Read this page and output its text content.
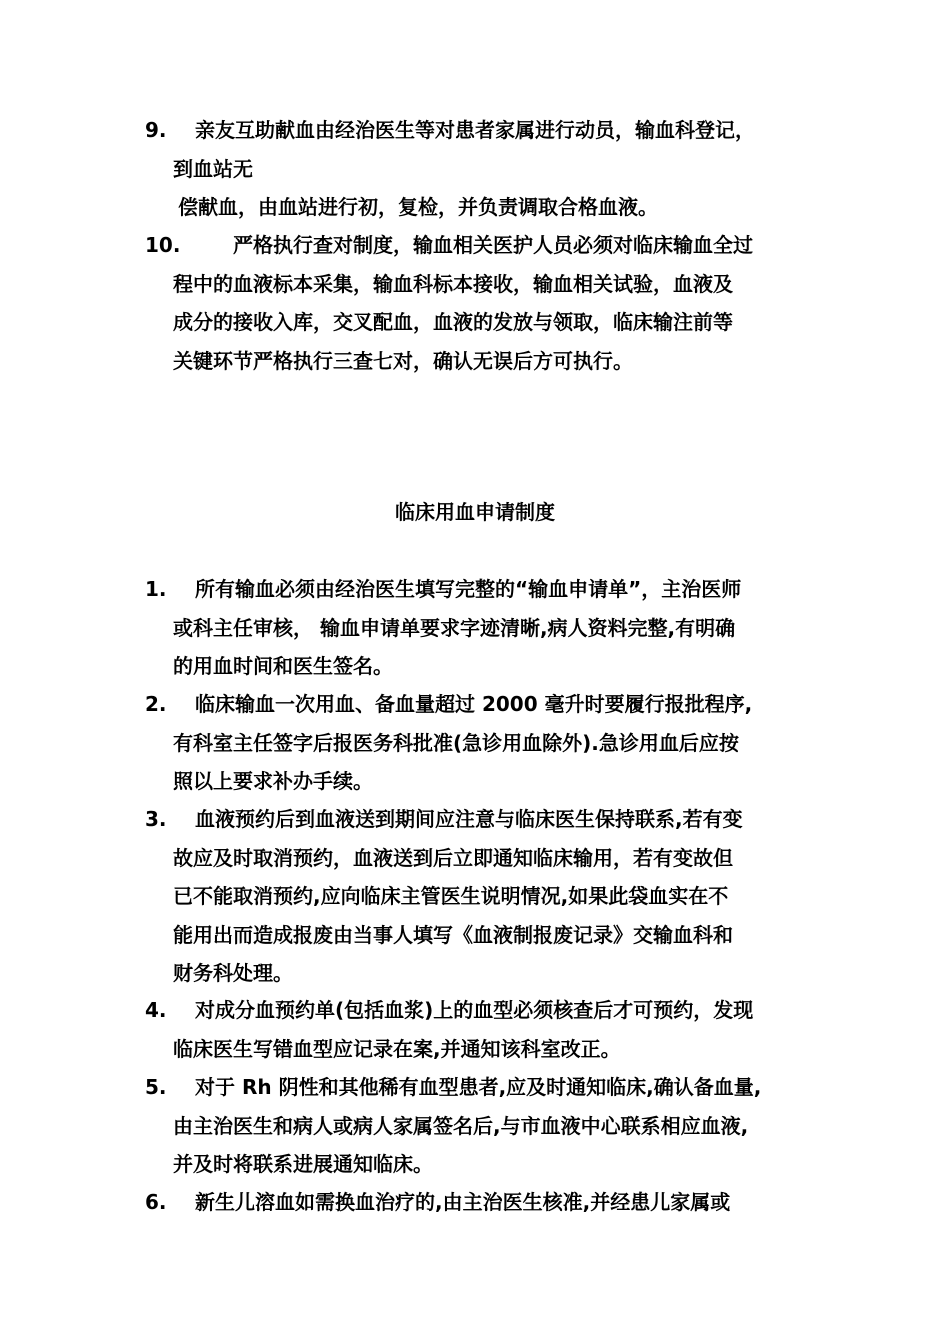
9.	亲友互助献血由经治医生等对患者家属进行动员，输血科登记，
到血站无
偿献血，由血站进行初，复检，并负责调取合格血液。
10.	严格执行查对制度，输血相关医护人员必须对临床输血全过
程中的血液标本采集，输血科标本接收，输血相关试验，血液及
成分的接收入库，交叉配血，血液的发放与领取，临床输注前等
关键环节严格执行三查七对，确认无误后方可执行。
临床用血申请制度
1.	所有输血必须由经治医生填写完整的“输血申请单”，主治医师
或科主任审核， 输血申请单要求字迹清晰,病人资料完整,有明确
的用血时间和医生签名。
2.	临床输血一次用血、备血量超过 2000 毫升时要履行报批程序,
有科室主任签字后报医务科批准(急诊用血除外).急诊用血后应按
照以上要求补办手续。
3.	血液预约后到血液送到期间应注意与临床医生保持联系,若有变
故应及时取消预约，血液送到后立即通知临床输用，若有变故但
已不能取消预约,应向临床主管医生说明情况,如果此袋血实在不
能用出而造成报废由当事人填写《血液制报废记录》交输血科和
财务科处理。
4.	对成分血预约单(包括血浆)上的血型必须核查后才可预约，发现
临床医生写错血型应记录在案,并通知该科室改正。
5.	对于 Rh 阴性和其他稀有血型患者,应及时通知临床,确认备血量,
由主治医生和病人或病人家属签名后,与市血液中心联系相应血液,
并及时将联系进展通知临床。
6.	新生儿溶血如需换血治疗的,由主治医生核准,并经患儿家属或
